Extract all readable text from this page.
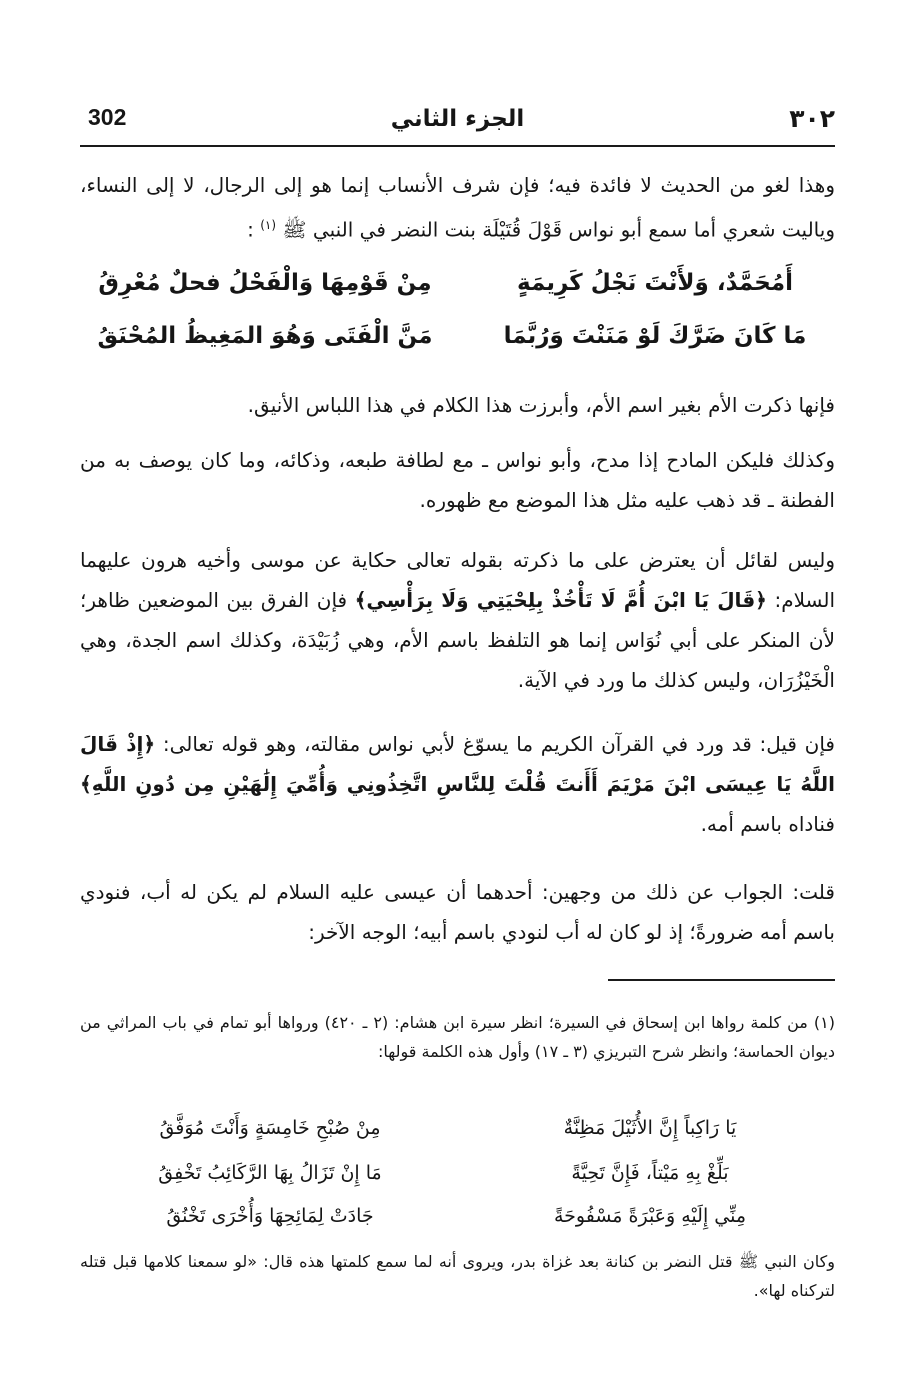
٣٠٢
الجزء الثاني
302

وهذا لغو من الحديث لا فائدة فيه؛ فإن شرف الأنساب إنما هو إلى الرجال، لا إلى النساء، وياليت شعري أما سمع أبو نواس قَوْلَ قُتَيْلَة بنت النضر في النبي ﷺ $^{(١)}$ :

أَمُحَمَّدٌ، وَلأَنْتَ نَجْلُ كَرِيمَةٍ
مِنْ قَوْمِهَا وَالْفَحْلُ فحلٌ مُعْرِقُ
مَا كَانَ ضَرَّكَ لَوْ مَنَنْتَ وَرُبَّمَا
مَنَّ الْفَتَى وَهُوَ المَغِيظُ المُحْنَقُ

فإنها ذكرت الأم بغير اسم الأم، وأبرزت هذا الكلام في هذا اللباس الأنيق.

وكذلك فليكن المادح إذا مدح، وأبو نواس ـ مع لطافة طبعه، وذكائه، وما كان يوصف به من الفطنة ـ قد ذهب عليه مثل هذا الموضع مع ظهوره.

وليس لقائل أن يعترض على ما ذكرته بقوله تعالى حكاية عن موسى وأخيه هرون عليهما السلام: ﴿قَالَ يَا ابْنَ أُمَّ لَا تَأْخُذْ بِلِحْيَتِي وَلَا بِرَأْسِي﴾ فإن الفرق بين الموضعين ظاهر؛ لأن المنكر على أبي نُوَاس إنما هو التلفظ باسم الأم، وهي زُبَيْدَة، وكذلك اسم الجدة، وهي الْخَيْزُرَان، وليس كذلك ما ورد في الآية.

فإن قيل: قد ورد في القرآن الكريم ما يسوّغ لأبي نواس مقالته، وهو قوله تعالى: ﴿إِذْ قَالَ اللَّهُ يَا عِيسَى ابْنَ مَرْيَمَ أَأَنتَ قُلْتَ لِلنَّاسِ اتَّخِذُونِي وَأُمِّيَ إِلَٰهَيْنِ مِن دُونِ اللَّهِ﴾ فناداه باسم أمه.

قلت: الجواب عن ذلك من وجهين: أحدهما أن عيسى عليه السلام لم يكن له أب، فنودي باسم أمه ضرورةً؛ إذ لو كان له أب لنودي باسم أبيه؛ الوجه الآخر:

(١) من كلمة رواها ابن إسحاق في السيرة؛ انظر سيرة ابن هشام: (٢ ـ ٤٢٠) ورواها أبو تمام في باب المراثي من ديوان الحماسة؛ وانظر شرح التبريزي (٣ ـ ١٧) وأول هذه الكلمة قولها:

يَا رَاكِباً إِنَّ الأُثَيْلَ مَظِنَّةٌ
مِنْ صُبْحِ خَامِسَةٍ وَأَنْتَ مُوَفَّقُ
بَلِّغْ بِهِ مَيْتاً، فَإِنَّ تَحِيَّةً
مَا إِنْ تَزَالُ بِهَا الرَّكَائِبُ تَخْفِقُ
مِنِّي إِلَيْهِ وَعَبْرَةً مَسْفُوحَةً
جَادَتْ لِمَائِحِهَا وَأُخْرَى تَخْنُقُ

وكان النبي ﷺ قتل النضر بن كنانة بعد غزاة بدر، ويروى أنه لما سمع كلمتها هذه قال: «لو سمعنا كلامها قبل قتله لتركناه لها».
